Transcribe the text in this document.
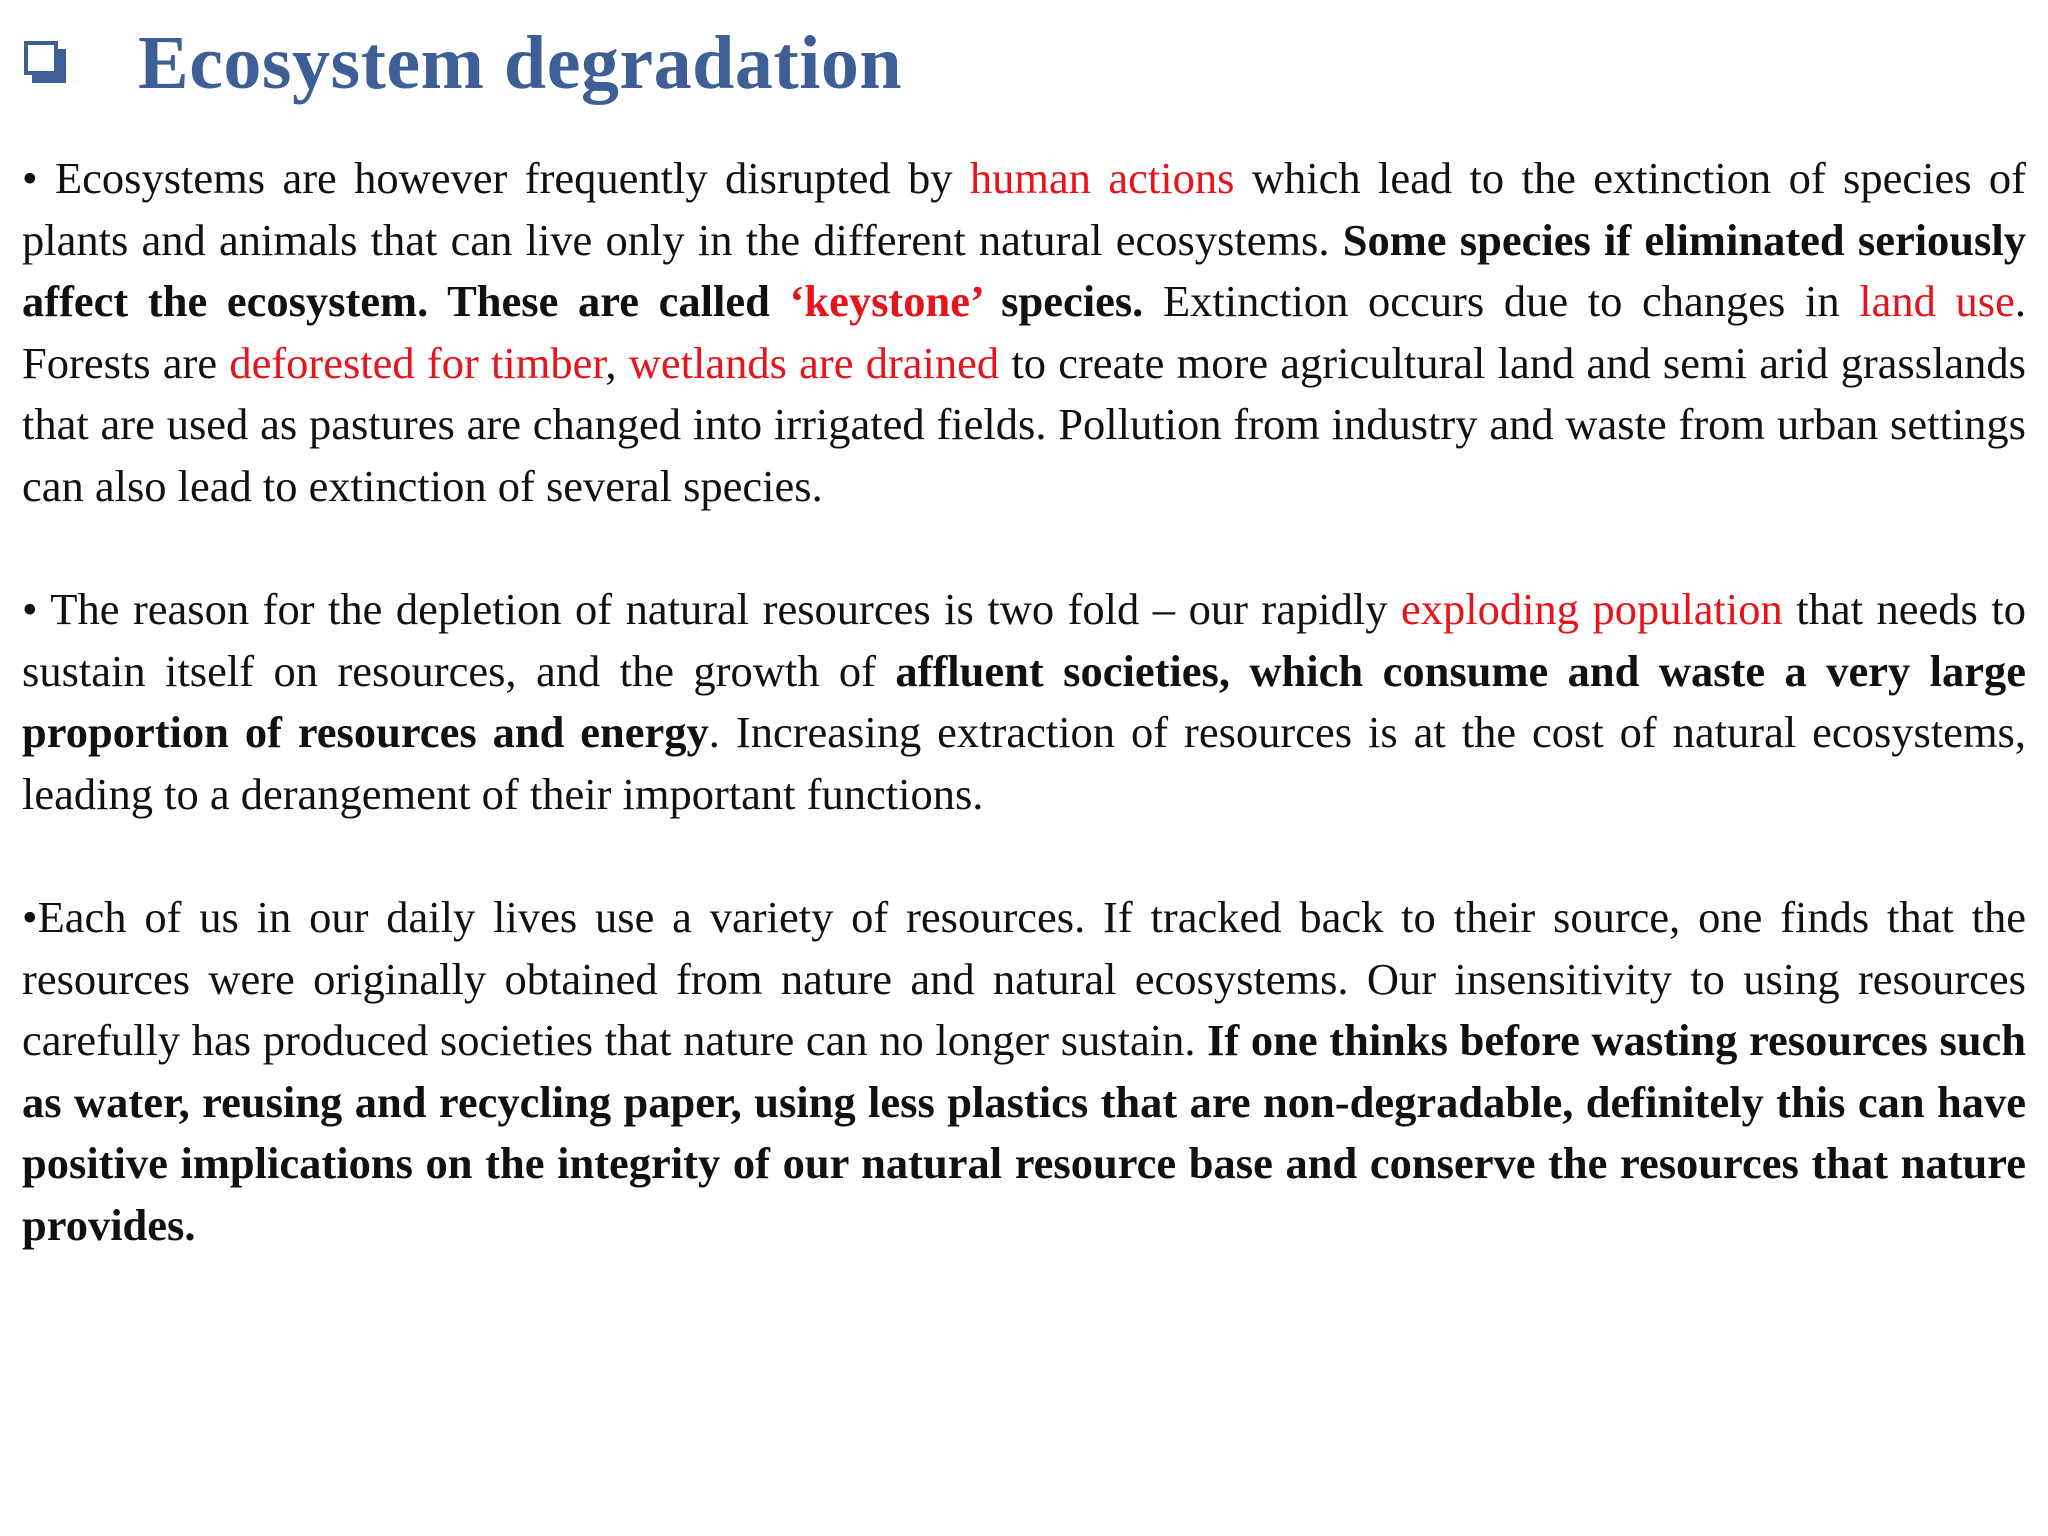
Ecosystem degradation

• Ecosystems are however frequently disrupted by human actions which lead to the extinction of species of plants and animals that can live only in the different natural ecosystems. Some species if eliminated seriously affect the ecosystem. These are called ‘keystone’ species. Extinction occurs due to changes in land use. Forests are deforested for timber, wetlands are drained to create more agricultural land and semi arid grasslands that are used as pastures are changed into irrigated fields. Pollution from industry and waste from urban settings can also lead to extinction of several species.

• The reason for the depletion of natural resources is two fold – our rapidly exploding population that needs to sustain itself on resources, and the growth of affluent societies, which consume and waste a very large proportion of resources and energy. Increasing extraction of resources is at the cost of natural ecosystems, leading to a derangement of their important functions.

•Each of us in our daily lives use a variety of resources. If tracked back to their source, one finds that the resources were originally obtained from nature and natural ecosystems. Our insensitivity to using resources carefully has produced societies that nature can no longer sustain. If one thinks before wasting resources such as water, reusing and recycling paper, using less plastics that are non-degradable, definitely this can have positive implications on the integrity of our natural resource base and conserve the resources that nature provides.
